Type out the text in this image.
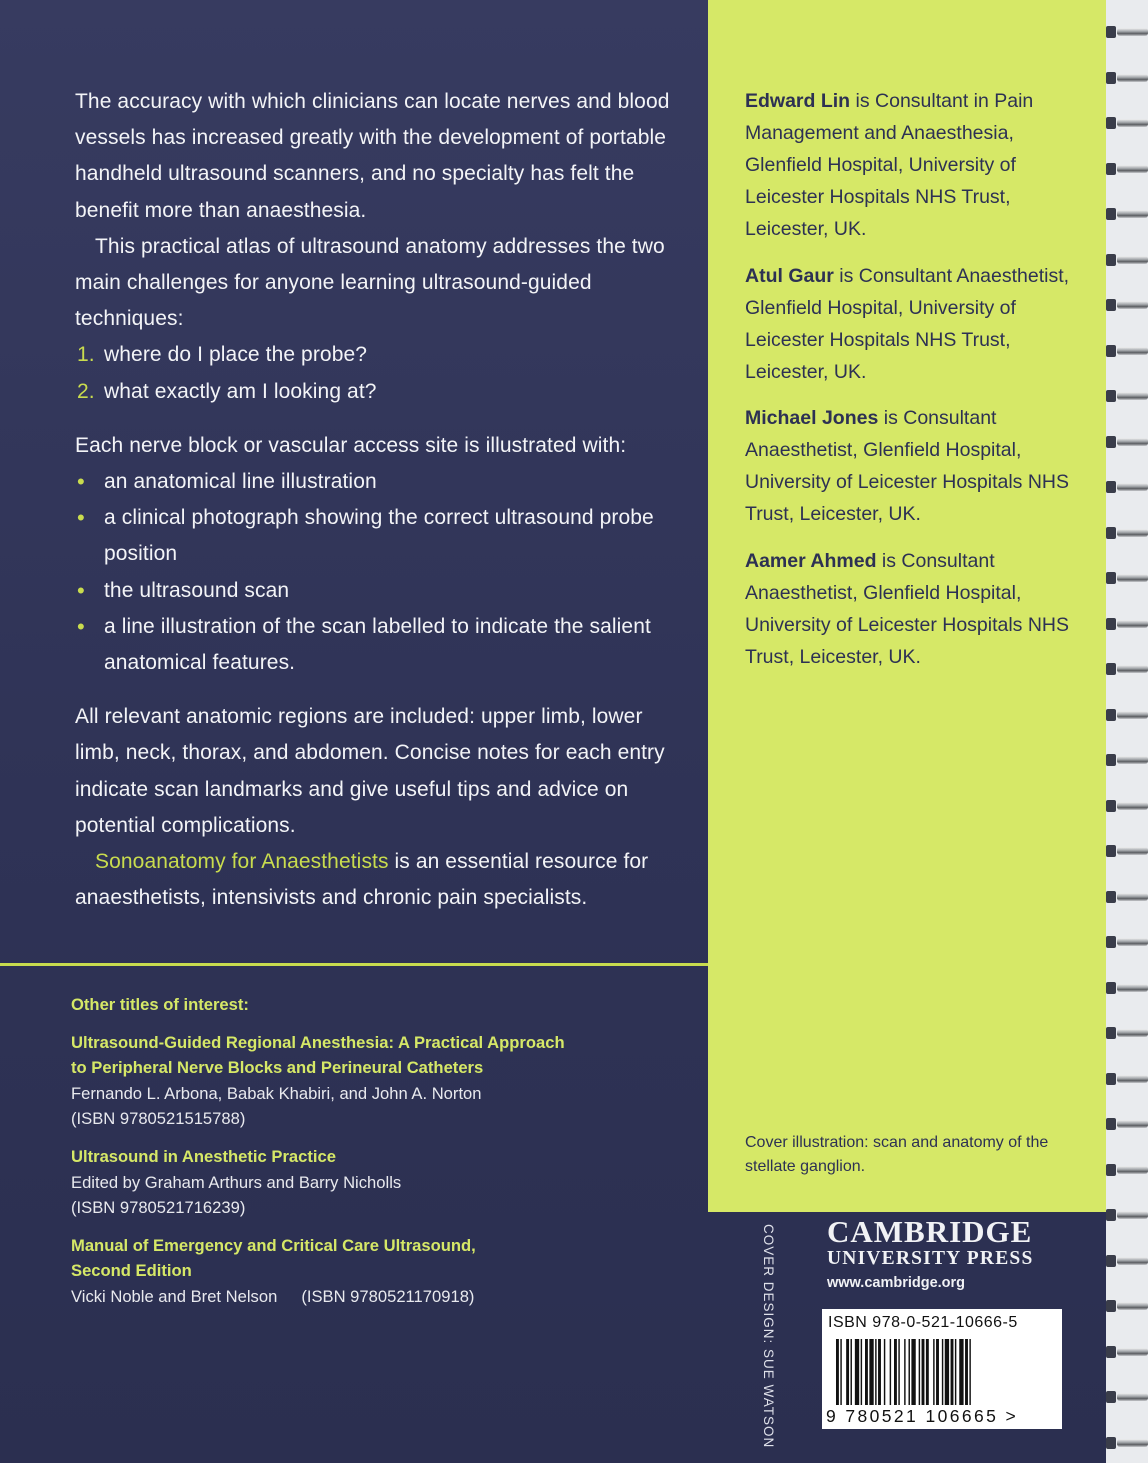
The accuracy with which clinicians can locate nerves and blood vessels has increased greatly with the development of portable handheld ultrasound scanners, and no specialty has felt the benefit more than anaesthesia.

This practical atlas of ultrasound anatomy addresses the two main challenges for anyone learning ultrasound-guided techniques:

1. where do I place the probe?

2. what exactly am I looking at?

Each nerve block or vascular access site is illustrated with:

• an anatomical line illustration

• a clinical photograph showing the correct ultrasound probe position

• the ultrasound scan

• a line illustration of the scan labelled to indicate the salient anatomical features.

All relevant anatomic regions are included: upper limb, lower limb, neck, thorax, and abdomen. Concise notes for each entry indicate scan landmarks and give useful tips and advice on potential complications.

Sonoanatomy for Anaesthetists is an essential resource for anaesthetists, intensivists and chronic pain specialists.

Edward Lin is Consultant in Pain Management and Anaesthesia, Glenfield Hospital, University of Leicester Hospitals NHS Trust, Leicester, UK.

Atul Gaur is Consultant Anaesthetist, Glenfield Hospital, University of Leicester Hospitals NHS Trust, Leicester, UK.

Michael Jones is Consultant Anaesthetist, Glenfield Hospital, University of Leicester Hospitals NHS Trust, Leicester, UK.

Aamer Ahmed is Consultant Anaesthetist, Glenfield Hospital, University of Leicester Hospitals NHS Trust, Leicester, UK.

Other titles of interest:
Ultrasound-Guided Regional Anesthesia: A Practical Approach
to Peripheral Nerve Blocks and Perineural Catheters
Fernando L. Arbona, Babak Khabiri, and John A. Norton
(ISBN 9780521515788)
Ultrasound in Anesthetic Practice
Edited by Graham Arthurs and Barry Nicholls
(ISBN 9780521716239)
Manual of Emergency and Critical Care Ultrasound,
Second Edition
Vicki Noble and Bret Nelson (ISBN 9780521170918)
Cover illustration: scan and anatomy of the stellate ganglion.
COVER DESIGN: SUE WATSON CAMBRIDGE
UNIVERSITY PRESS
www.cambridge.org
ISBN 978-0-521-10666-5
9 780521 106665 >
